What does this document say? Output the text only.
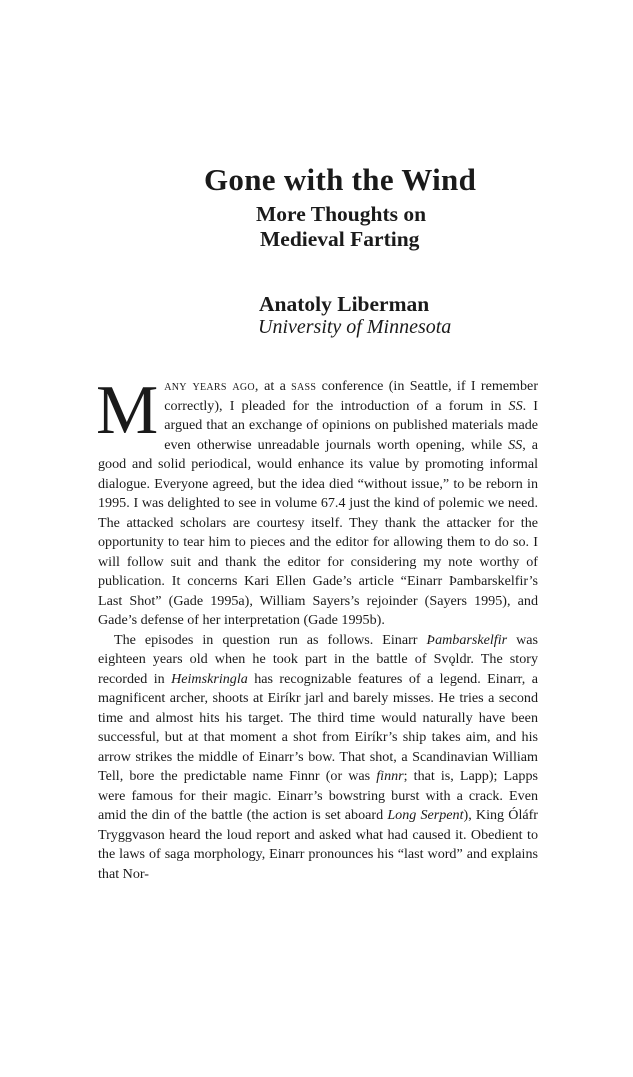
Gone with the Wind
More Thoughts on
Medieval Farting
Anatoly Liberman
University of Minnesota

Many years ago, at a sass conference (in Seattle, if I remember correctly), I pleaded for the introduction of a forum in SS. I argued that an exchange of opinions on published materials made even otherwise unreadable journals worth opening, while SS, a good and solid periodical, would enhance its value by promoting informal dialogue. Everyone agreed, but the idea died “without issue,” to be reborn in 1995. I was delighted to see in volume 67.4 just the kind of polemic we need. The attacked scholars are courtesy itself. They thank the attacker for the opportunity to tear him to pieces and the editor for allowing them to do so. I will follow suit and thank the editor for considering my note worthy of publication. It concerns Kari Ellen Gade’s article “Einarr Þambarskelfir’s Last Shot” (Gade 1995a), William Sayers’s rejoinder (Sayers 1995), and Gade’s defense of her interpretation (Gade 1995b).

The episodes in question run as follows. Einarr Þambarskelfir was eighteen years old when he took part in the battle of Svǫldr. The story recorded in Heimskringla has recognizable features of a legend. Einarr, a magnificent archer, shoots at Eiríkr jarl and barely misses. He tries a second time and almost hits his target. The third time would naturally have been successful, but at that moment a shot from Eiríkr’s ship takes aim, and his arrow strikes the middle of Einarr’s bow. That shot, a Scandinavian William Tell, bore the predictable name Finnr (or was finnr; that is, Lapp); Lapps were famous for their magic. Einarr’s bowstring burst with a crack. Even amid the din of the battle (the action is set aboard Long Serpent), King Óláfr Tryggvason heard the loud report and asked what had caused it. Obedient to the laws of saga morphology, Einarr pronounces his “last word” and explains that Nor-
